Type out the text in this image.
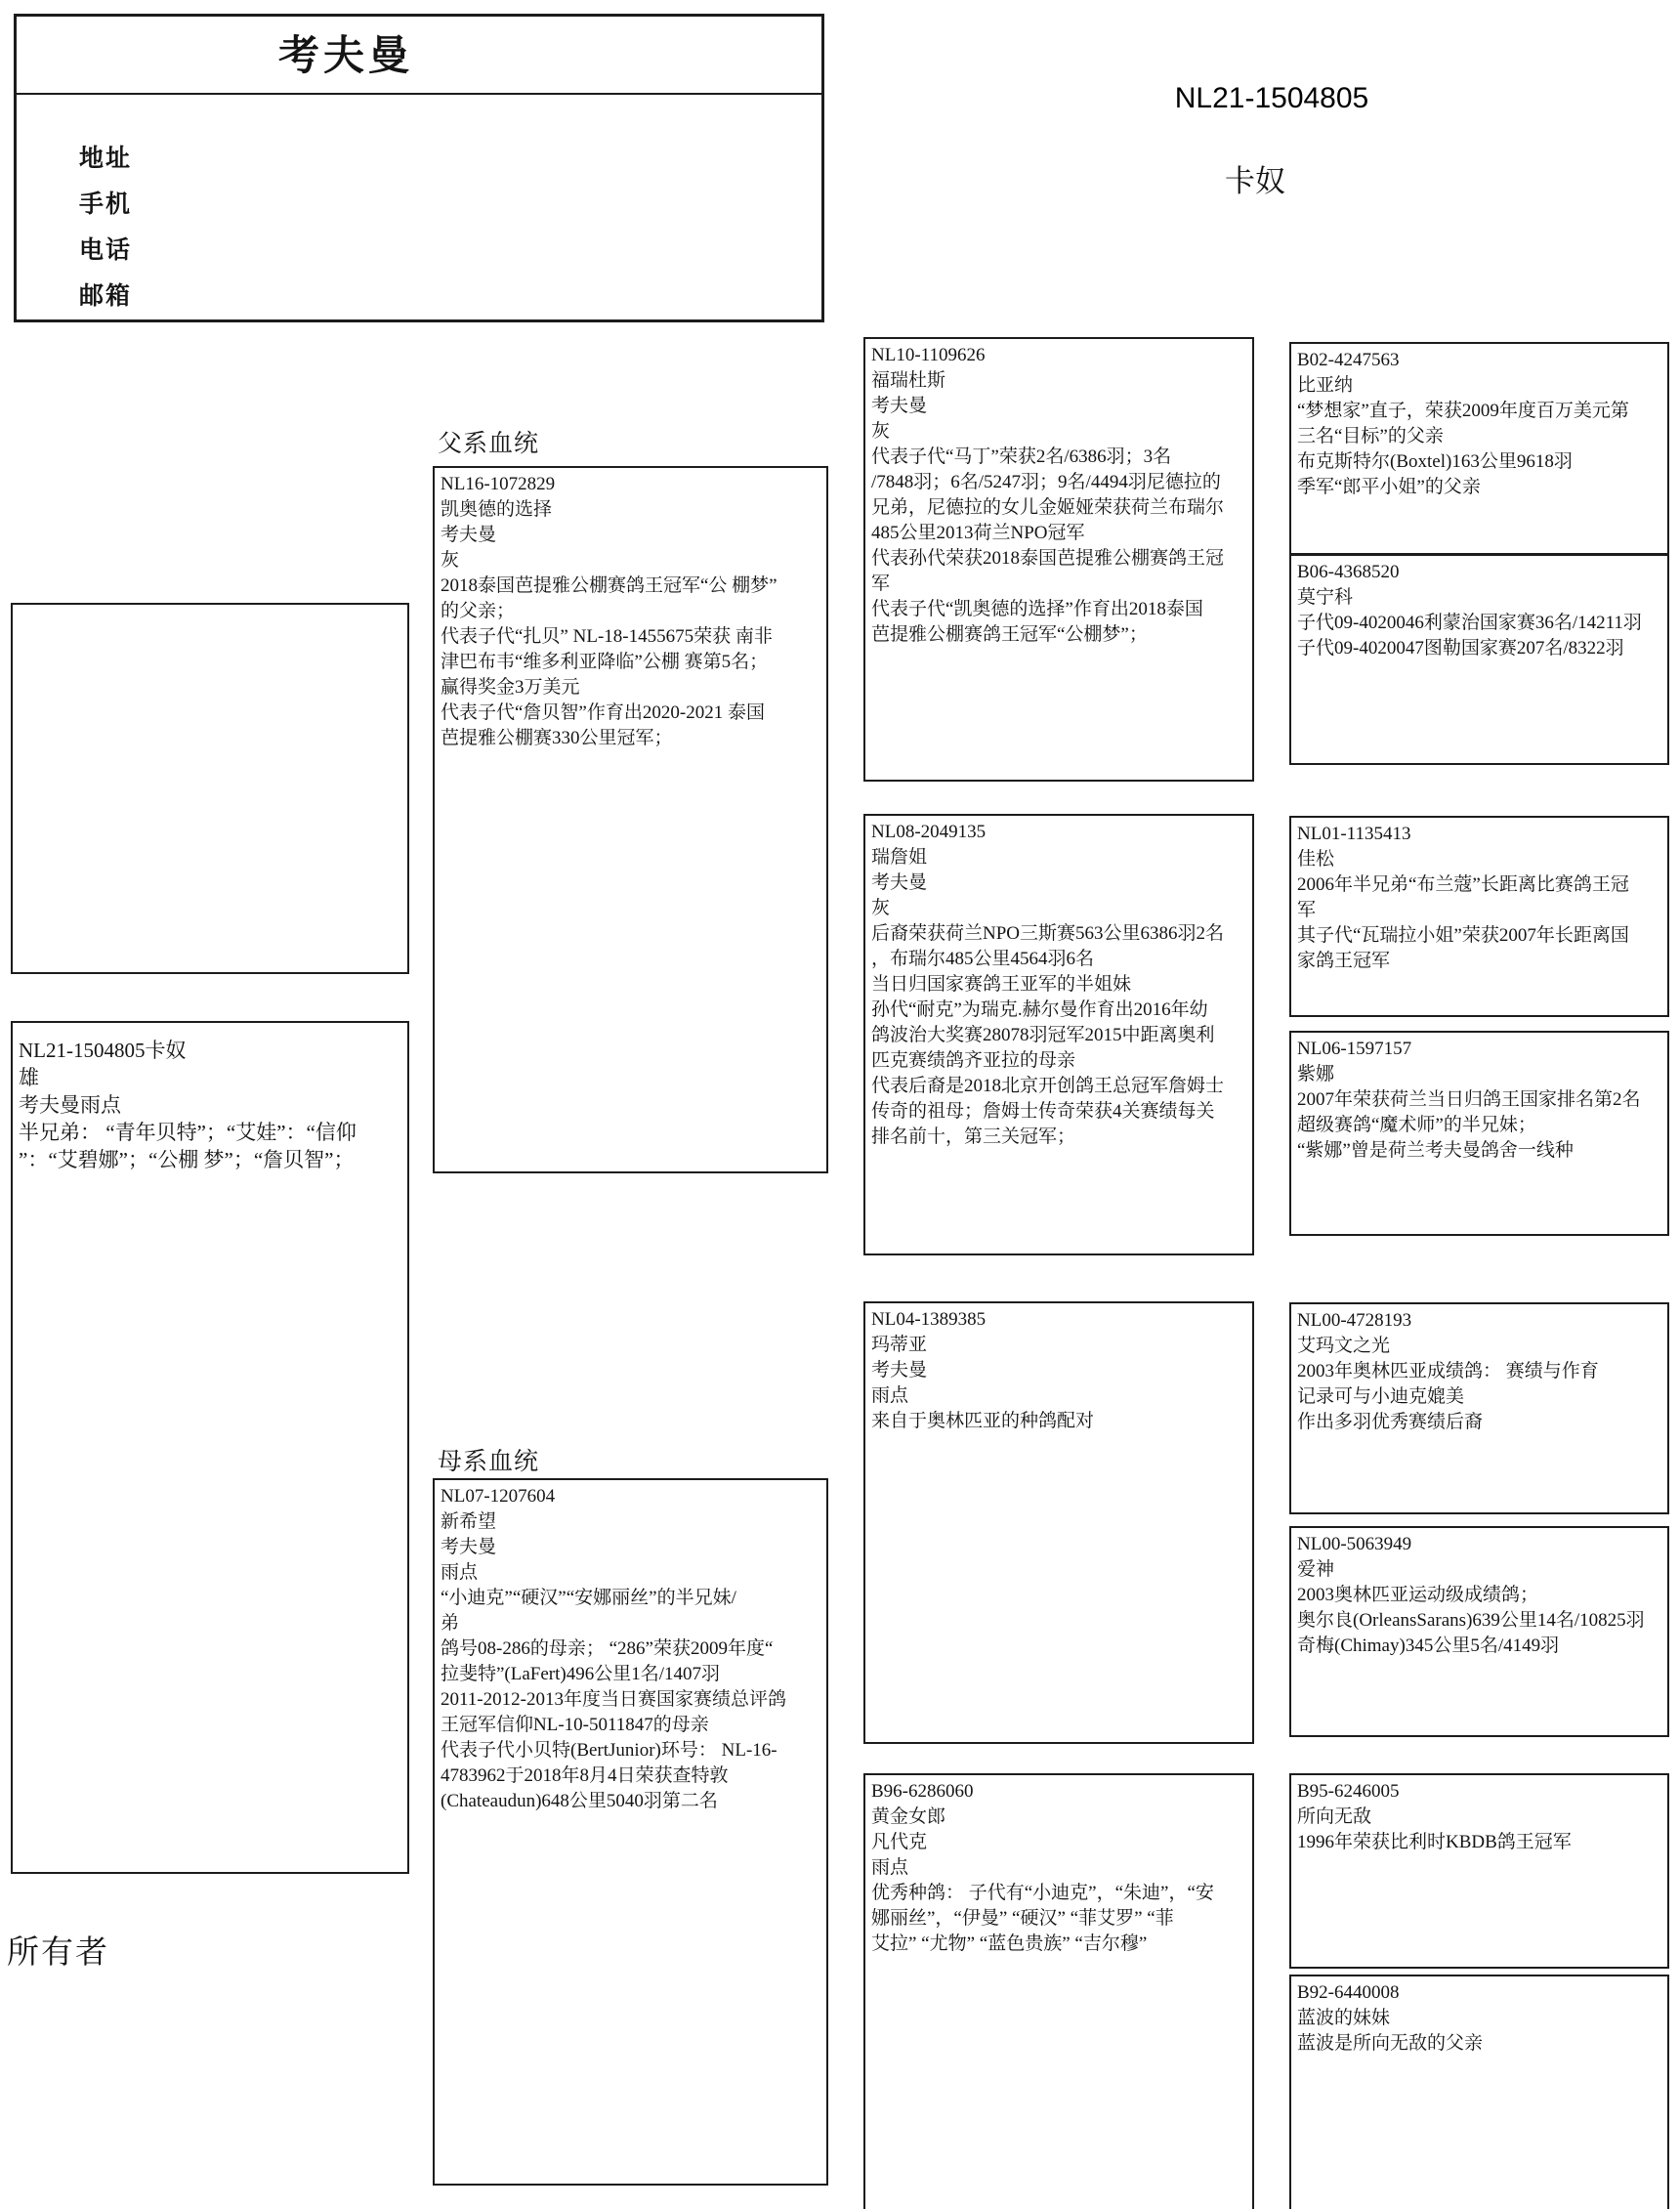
考夫曼
地址
手机
电话
邮箱
NL21-1504805
卡奴
NL21-1504805卡奴
雄
考夫曼雨点
半兄弟： “青年贝特”；“艾娃”：“信仰
”：“艾碧娜”；“公棚 梦”；“詹贝智”；
父系血统
母系血统
NL16-1072829
凯奥德的选择
考夫曼
灰
2018泰国芭提雅公棚赛鸽王冠军“公 棚梦”
的父亲；
代表子代“扎贝” NL-18-1455675荣获 南非
津巴布韦“维多利亚降临”公棚 赛第5名；
赢得奖金3万美元
代表子代“詹贝智”作育出2020-2021 泰国
芭提雅公棚赛330公里冠军；
NL07-1207604
新希望
考夫曼
雨点
“小迪克”“硬汉”“安娜丽丝”的半兄妹/
弟
鸽号08-286的母亲； “286”荣获2009年度“
拉斐特”(LaFert)496公里1名/1407羽
2011-2012-2013年度当日赛国家赛绩总评鸽
王冠军信仰NL-10-5011847的母亲
代表子代小贝特(BertJunior)环号： NL-16-
4783962于2018年8月4日荣获查特敦
(Chateaudun)648公里5040羽第二名
NL10-1109626
福瑞杜斯
考夫曼
灰
代表子代“马丁”荣获2名/6386羽；3名
/7848羽；6名/5247羽；9名/4494羽尼德拉的
兄弟，尼德拉的女儿金姬娅荣获荷兰布瑞尔
485公里2013荷兰NPO冠军
代表孙代荣获2018泰国芭提雅公棚赛鸽王冠
军
代表子代“凯奥德的选择”作育出2018泰国
芭提雅公棚赛鸽王冠军“公棚梦”；
NL08-2049135
瑞詹姐
考夫曼
灰
后裔荣获荷兰NPO三斯赛563公里6386羽2名
，布瑞尔485公里4564羽6名
当日归国家赛鸽王亚军的半姐妹
孙代“耐克”为瑞克.赫尔曼作育出2016年幼
鸽波治大奖赛28078羽冠军2015中距离奥利
匹克赛绩鸽齐亚拉的母亲
代表后裔是2018北京开创鸽王总冠军詹姆士
传奇的祖母；詹姆士传奇荣获4关赛绩每关
排名前十，第三关冠军；
NL04-1389385
玛蒂亚
考夫曼
雨点
来自于奥林匹亚的种鸽配对
B96-6286060
黄金女郎
凡代克
雨点
优秀种鸽： 子代有“小迪克”，“朱迪”，“安
娜丽丝”，“伊曼” “硬汉” “菲艾罗” “菲
艾拉” “尤物” “蓝色贵族” “吉尔穆”
B02-4247563
比亚纳
“梦想家”直子，荣获2009年度百万美元第
三名“目标”的父亲
布克斯特尔(Boxtel)163公里9618羽
季军“郎平小姐”的父亲
B06-4368520
莫宁科
子代09-4020046利蒙治国家赛36名/14211羽
子代09-4020047图勒国家赛207名/8322羽
NL01-1135413
佳松
2006年半兄弟“布兰蔻”长距离比赛鸽王冠
军
其子代“瓦瑞拉小姐”荣获2007年长距离国
家鸽王冠军
NL06-1597157
紫娜
2007年荣获荷兰当日归鸽王国家排名第2名
超级赛鸽“魔术师”的半兄妹；
“紫娜”曾是荷兰考夫曼鸽舍一线种
NL00-4728193
艾玛文之光
2003年奥林匹亚成绩鸽： 赛绩与作育
记录可与小迪克媲美
作出多羽优秀赛绩后裔
NL00-5063949
爱神
2003奥林匹亚运动级成绩鸽；
奥尔良(OrleansSarans)639公里14名/10825羽
奇梅(Chimay)345公里5名/4149羽
B95-6246005
所向无敌
1996年荣获比利时KBDB鸽王冠军
B92-6440008
蓝波的妹妹
蓝波是所向无敌的父亲
所有者
